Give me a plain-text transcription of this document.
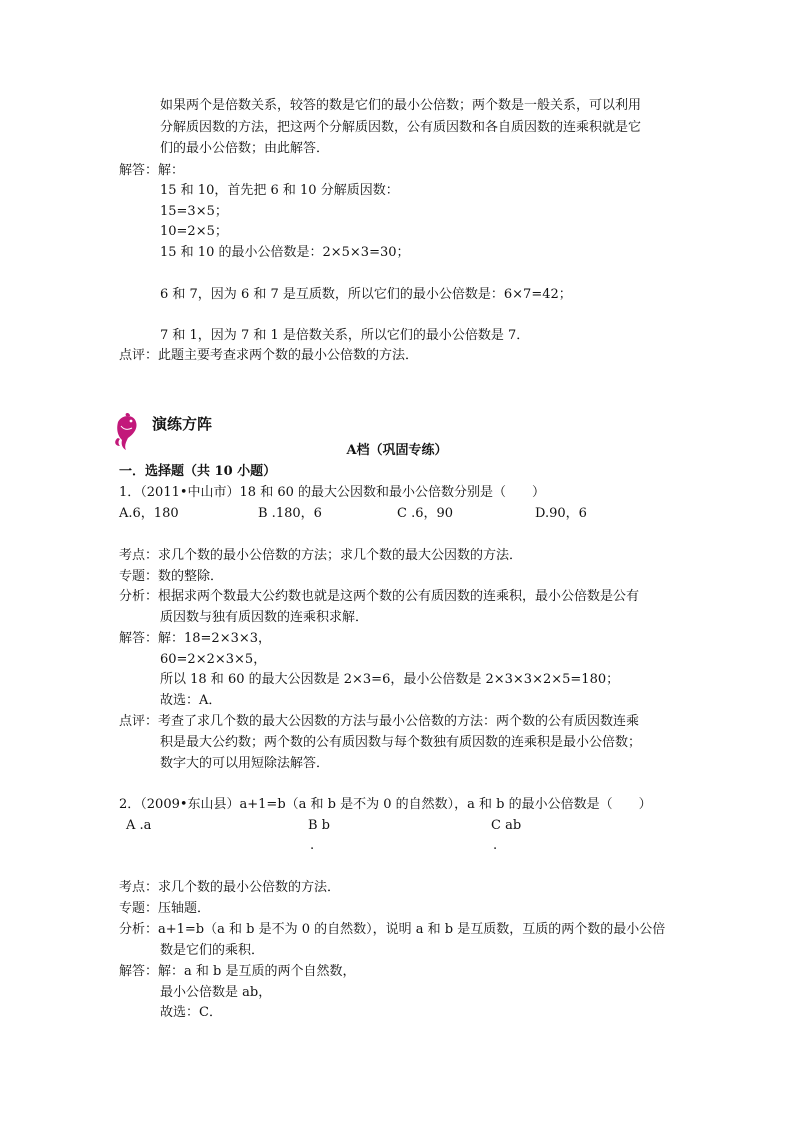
如果两个是倍数关系，较答的数是它们的最小公倍数；两个数是一般关系，可以利用
分解质因数的方法，把这两个分解质因数，公有质因数和各自质因数的连乘积就是它
们的最小公倍数；由此解答．
解答：解：
15 和 10，首先把 6 和 10 分解质因数：
15=3×5；
10=2×5；
15 和 10 的最小公倍数是：2×5×3=30；
6 和 7，因为 6 和 7 是互质数，所以它们的最小公倍数是：6×7=42；
7 和 1，因为 7 和 1 是倍数关系，所以它们的最小公倍数是 7．
点评：此题主要考查求两个数的最小公倍数的方法．
演练方阵
A档（巩固专练）
一．选择题（共 10 小题）
1．（2011•中山市）18 和 60 的最大公因数和最小公倍数分别是（　　）
A.6，180	B .180，6	C .6，90	D.90，6
考点：求几个数的最小公倍数的方法；求几个数的最大公因数的方法．
专题：数的整除．
分析：根据求两个数最大公约数也就是这两个数的公有质因数的连乘积，最小公倍数是公有
质因数与独有质因数的连乘积求解．
解答：解：18=2×3×3，
60=2×2×3×5，
所以 18 和 60 的最大公因数是 2×3=6，最小公倍数是 2×3×3×2×5=180；
故选：A．
点评：考查了求几个数的最大公因数的方法与最小公倍数的方法：两个数的公有质因数连乘
积是最大公约数；两个数的公有质因数与每个数独有质因数的连乘积是最小公倍数；
数字大的可以用短除法解答．
2．（2009•东山县）a+1=b（a 和 b 是不为 0 的自然数），a 和 b 的最小公倍数是（　　）
A .a	B b	C ab
.	.
考点：求几个数的最小公倍数的方法．
专题：压轴题．
分析：a+1=b（a 和 b 是不为 0 的自然数），说明 a 和 b 是互质数，互质的两个数的最小公倍
数是它们的乘积．
解答：解：a 和 b 是互质的两个自然数，
最小公倍数是 ab，
故选：C．
